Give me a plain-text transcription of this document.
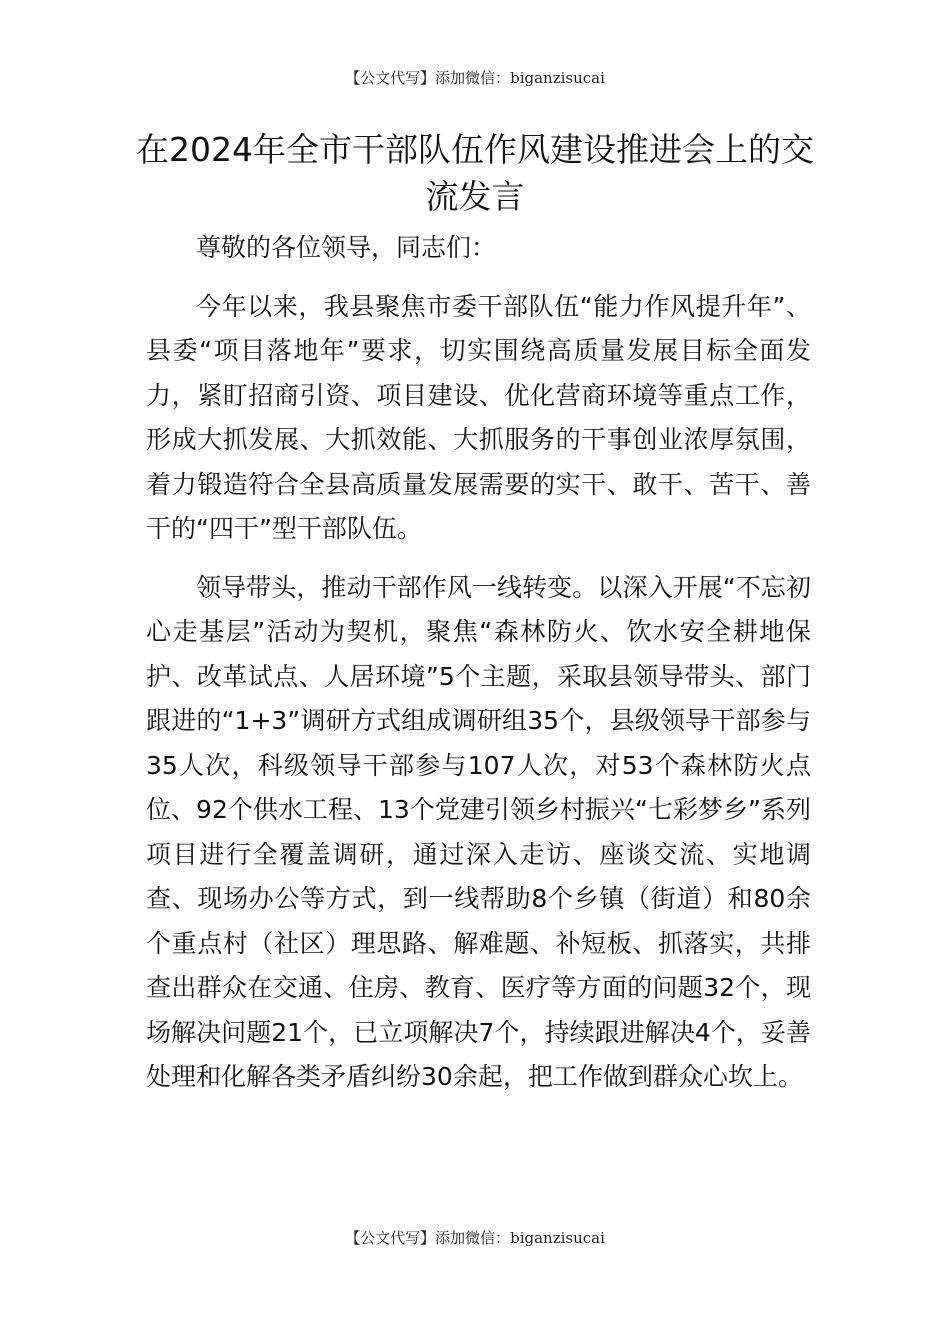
【公文代写】添加微信：biganzisucai
在2024年全市干部队伍作风建设推进会上的交流发言

尊敬的各位领导，同志们：

今年以来，我县聚焦市委干部队伍“能力作风提升年”、县委“项目落地年”要求，切实围绕高质量发展目标全面发力，紧盯招商引资、项目建设、优化营商环境等重点工作，形成大抓发展、大抓效能、大抓服务的干事创业浓厚氛围，着力锻造符合全县高质量发展需要的实干、敢干、苦干、善干的“四干”型干部队伍。

领导带头，推动干部作风一线转变。以深入开展“不忘初心走基层”活动为契机，聚焦“森林防火、饮水安全耕地保护、改革试点、人居环境”5个主题，采取县领导带头、部门跟进的“1+3”调研方式组成调研组35个，县级领导干部参与35人次，科级领导干部参与107人次，对53个森林防火点位、92个供水工程、13个党建引领乡村振兴“七彩梦乡”系列项目进行全覆盖调研，通过深入走访、座谈交流、实地调查、现场办公等方式，到一线帮助8个乡镇（街道）和80余个重点村（社区）理思路、解难题、补短板、抓落实，共排查出群众在交通、住房、教育、医疗等方面的问题32个，现场解决问题21个，已立项解决7个，持续跟进解决4个，妥善处理和化解各类矛盾纠纷30余起，把工作做到群众心坎上。

【公文代写】添加微信：biganzisucai
